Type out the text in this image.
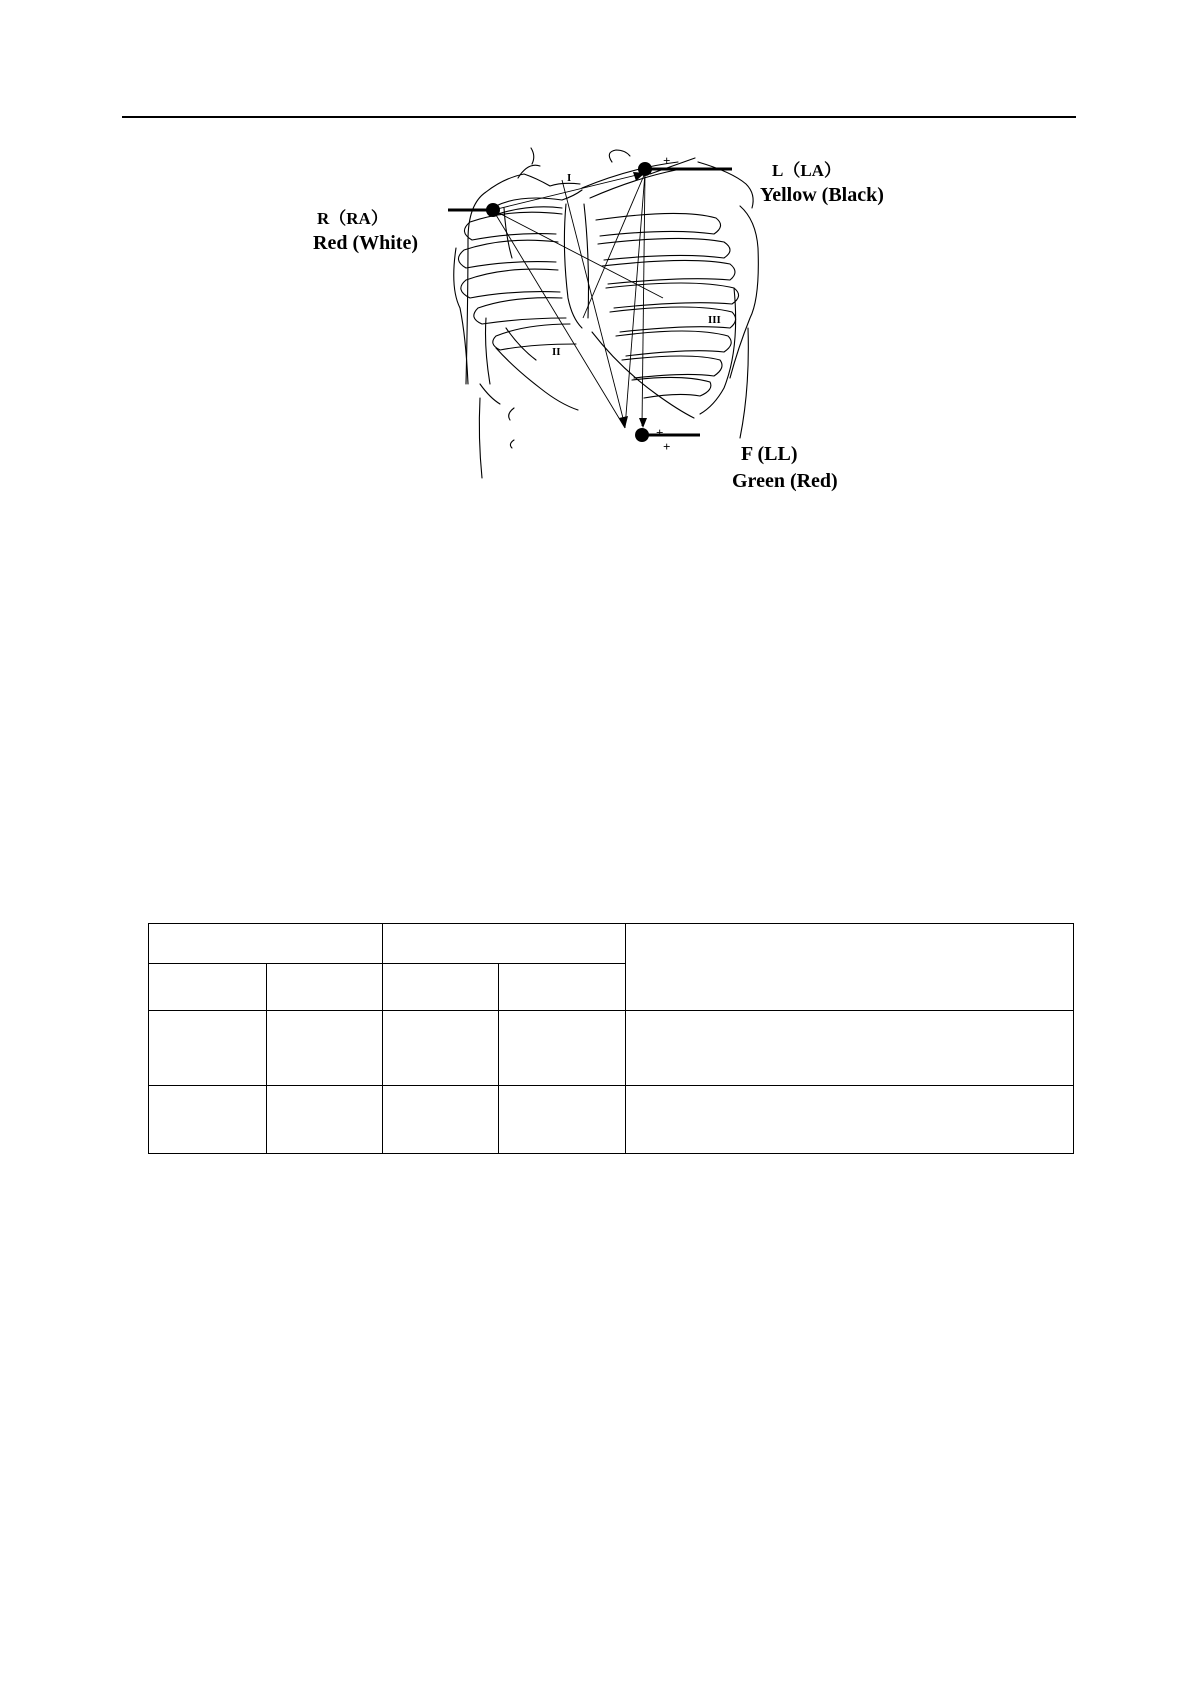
I
II
III
+
+
+
R（RA）
Red (White)
L（LA）
Yellow (Black)
F (LL)
Green (Red)
